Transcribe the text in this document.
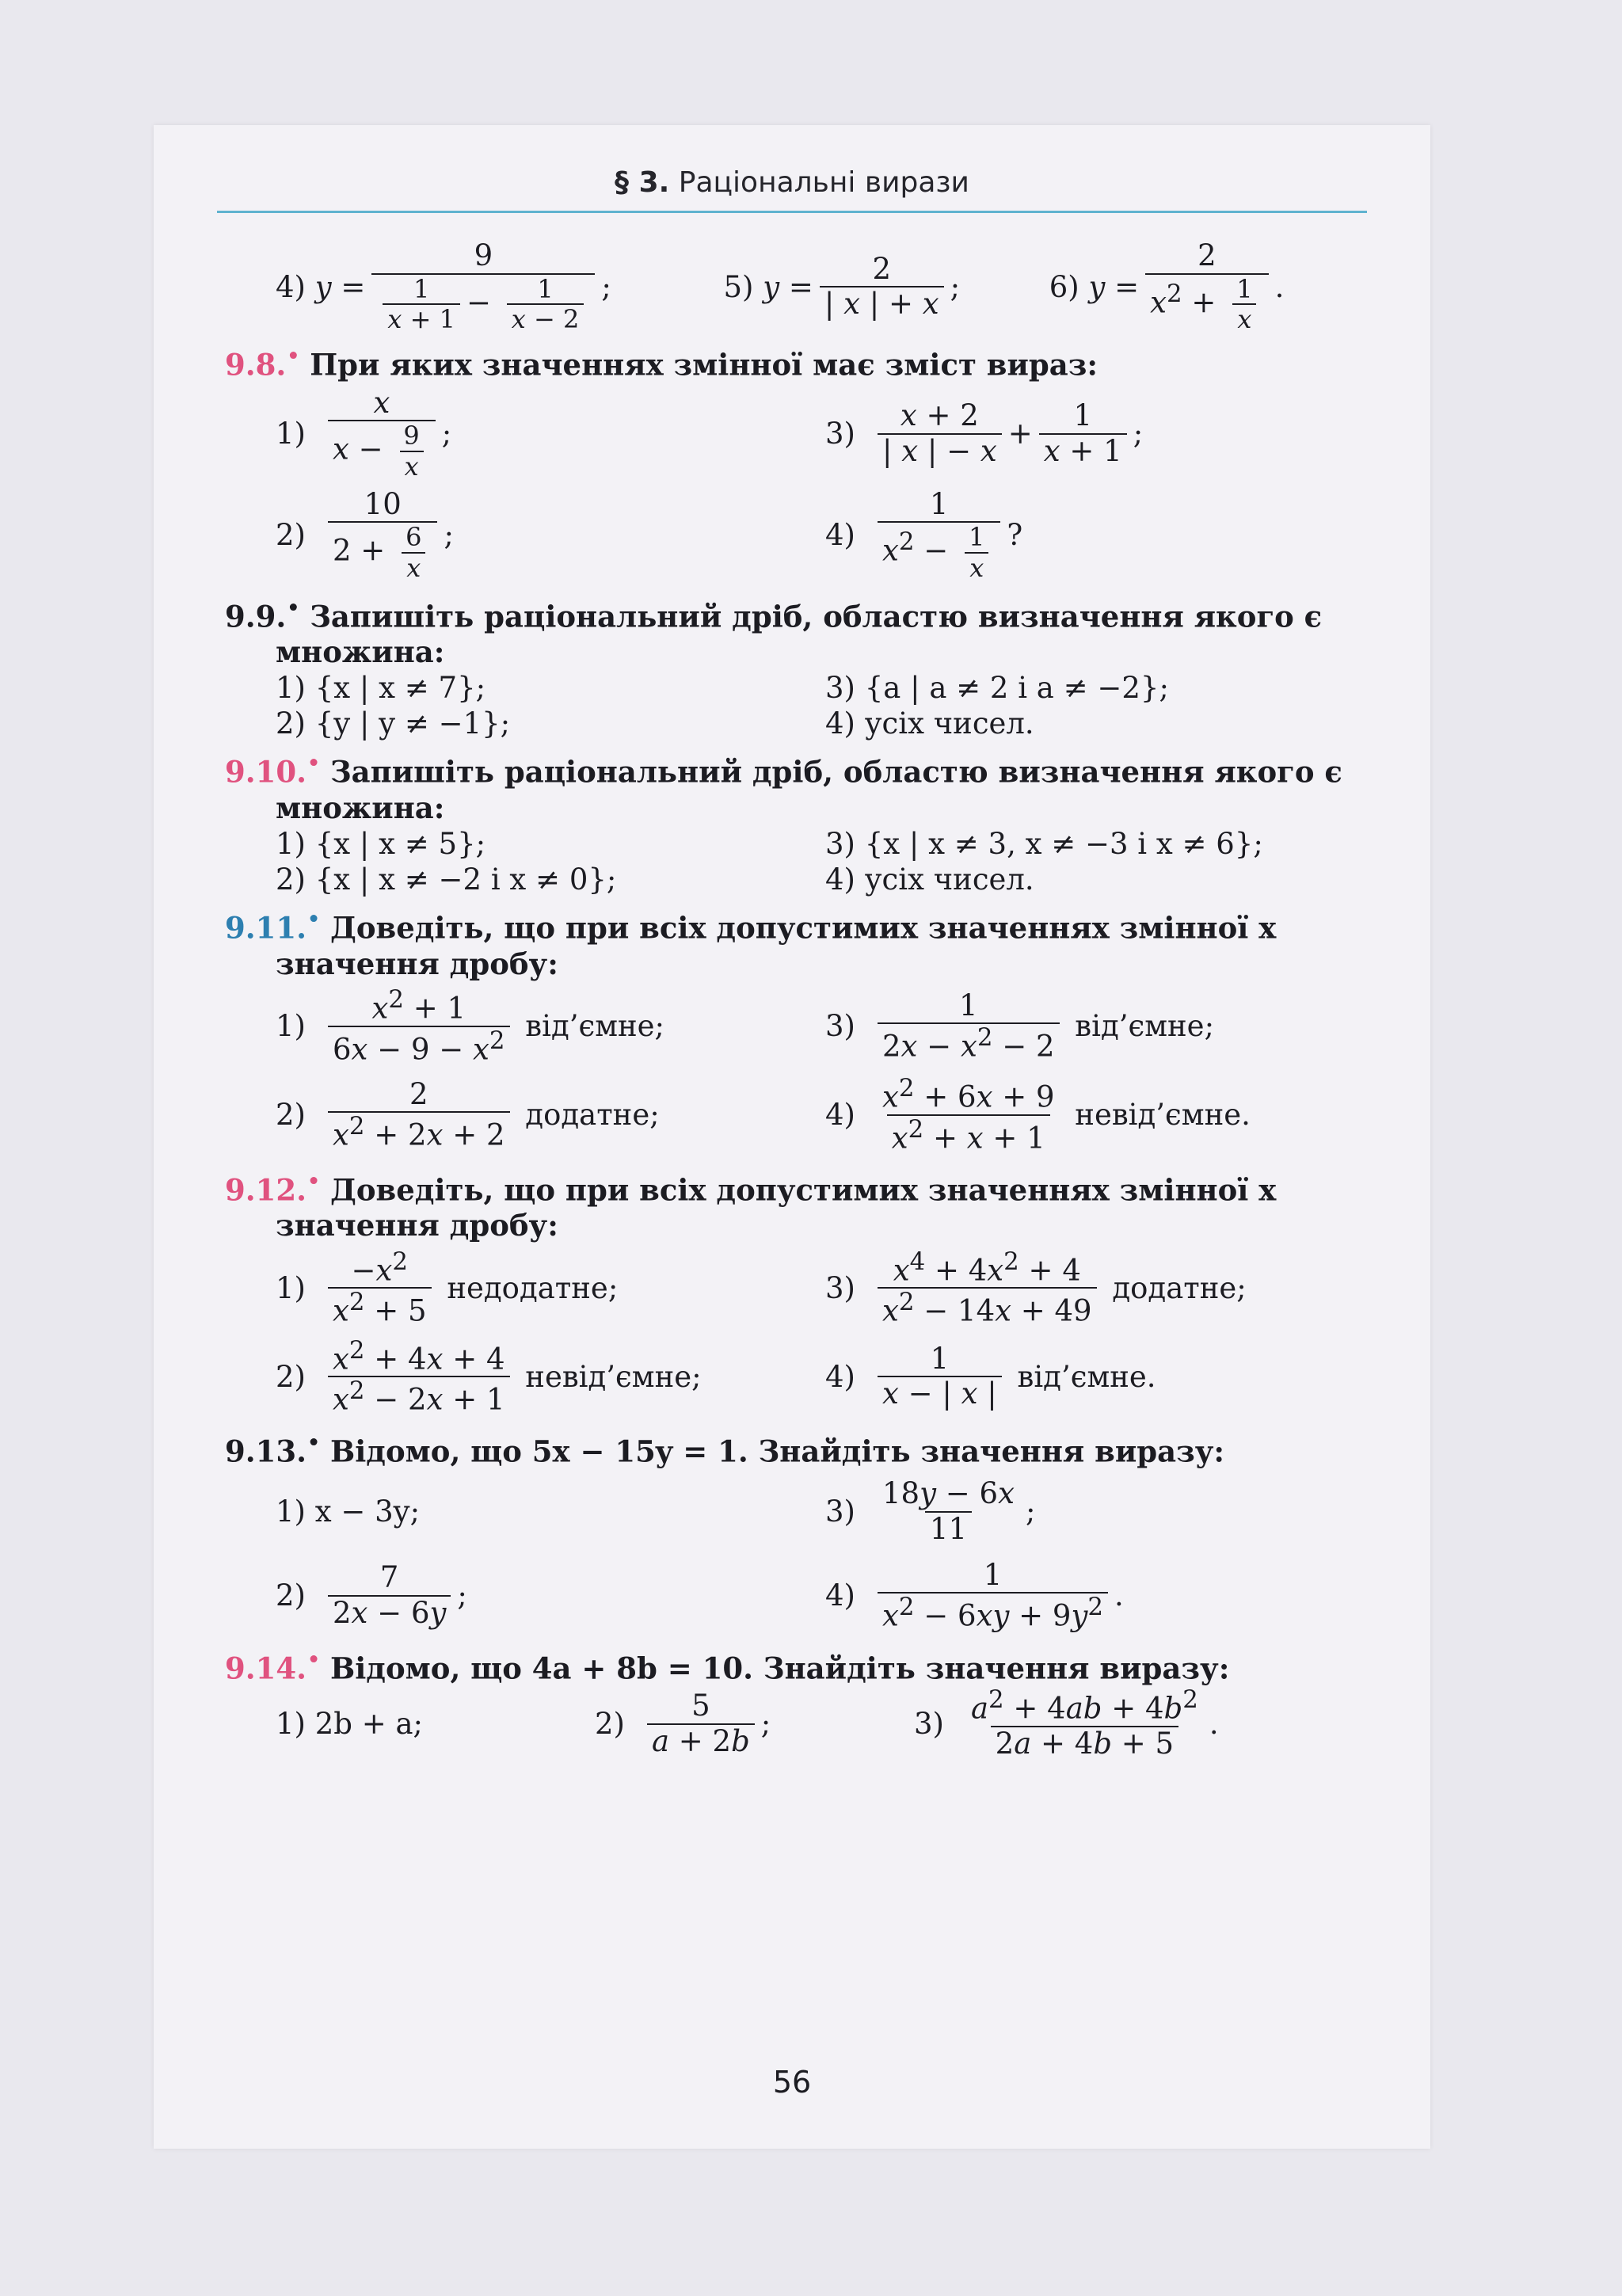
§ 3. Раціональні вирази
4)
$y = \frac{9}{\frac{1}{x + 1} - \frac{1}{x - 2}}$ ;	5)
$y = \frac{2}{| x | + x}$ ;	6)
$y = \frac{2}{x^2 + \frac{1}{x}}$ .
9.8.• При яких значеннях змінної має зміст вираз:
$1) \frac{x}{x - \frac{9}{x}}$ ;
$2) \frac{10}{2 + \frac{6}{x}}$ ;
$3) \frac{x + 2}{| x | - x} + \frac{1}{x + 1}$ ;
$4) \frac{1}{x^2 - \frac{1}{x}}$ ?
9.9.• Запишіть раціональний дріб, областю визначення якого є множина:
1) {x | x ≠ 7};
2) {y | y ≠ −1};
3) {a | a ≠ 2 і a ≠ −2};
4) усіх чисел.
9.10.• Запишіть раціональний дріб, областю визначення якого є множина:
1) {x | x ≠ 5};
2) {x | x ≠ −2 і x ≠ 0};
3) {x | x ≠ 3, x ≠ −3 і x ≠ 6};
4) усіх чисел.
9.11.• Доведіть, що при всіх допустимих значеннях змінної x значення дробу:
$1) \frac{x^2 + 1}{6x - 9 - x^2}$
від’ємне;
$2) \frac{2}{x^2 + 2x + 2}$
додатне;
$3) \frac{1}{2x - x^2 - 2}$
від’ємне;
$4) \frac{x^2 + 6x + 9}{x^2 + x + 1}$
невід’ємне.
9.12.• Доведіть, що при всіх допустимих значеннях змінної x значення дробу:
$1) \frac{-x^2}{x^2 + 5}$
недодатне;
$2) \frac{x^2 + 4x + 4}{x^2 - 2x + 1}$
невід’ємне;
$3) \frac{x^4 + 4x^2 + 4}{x^2 - 14x + 49}$
додатне;
$4) \frac{1}{x - | x |}$
від’ємне.
9.13.• Відомо, що 5x − 15y = 1. Знайдіть значення виразу:
1) x − 3y;
$2) \frac{7}{2x - 6y}$ ;
$3) \frac{18y - 6x}{11}$ ;
$4) \frac{1}{x^2 - 6xy + 9y^2}$ .
9.14.• Відомо, що 4a + 8b = 10. Знайдіть значення виразу:
1) 2b + a;	$2) \frac{5}{a + 2b}$ ;	$3) \frac{a^2 + 4ab + 4b^2}{2a + 4b + 5}$ .
56
